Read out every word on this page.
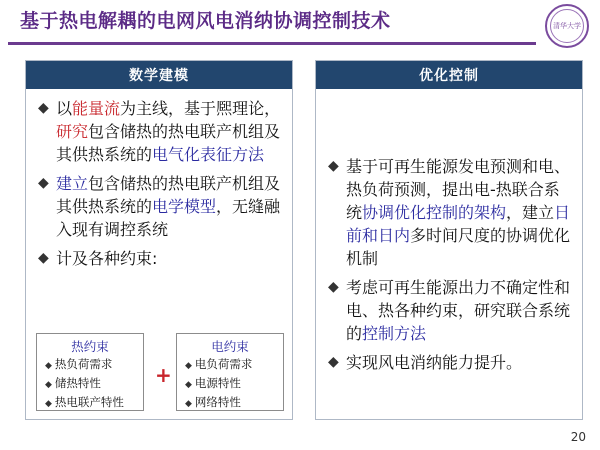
基于热电解耦的电网风电消纳协调控制技术	清华大学
数学建模
◆ 以能量流为主线，基于熈理论，研究包含储热的热电联产机组及其供热系统的电气化表征方法
◆ 建立包含储热的热电联产机组及其供热系统的电学模型，无缝融入现有调控系统
◆ 计及各种约束:
热约束
◆ 热负荷需求
◆ 储热特性
◆ 热电联产特性
+
电约束
◆ 电负荷需求
◆ 电源特性
◆ 网络特性
优化控制
◆ 基于可再生能源发电预测和电、热负荷预测，提出电-热联合系统协调优化控制的架构，建立日前和日内多时间尺度的协调优化机制
◆ 考虑可再生能源出力不确定性和电、热各种约束，研究联合系统的控制方法
◆ 实现风电消纳能力提升。
20
